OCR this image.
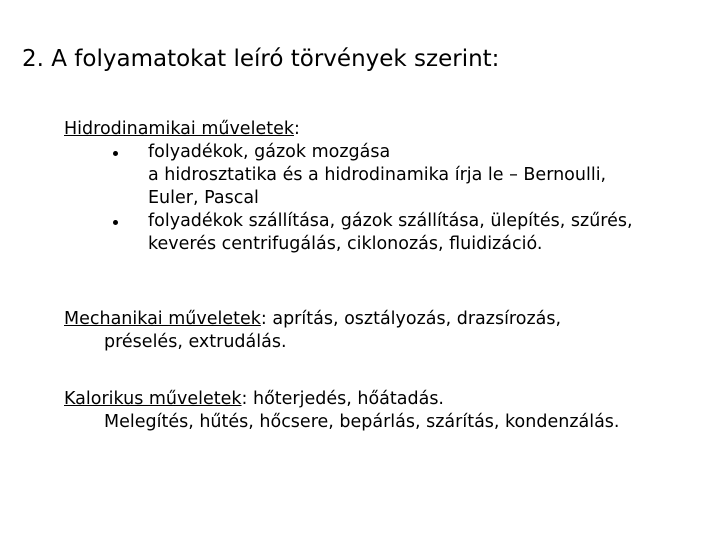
2. A folyamatokat leíró törvények szerint:
Hidrodinamikai műveletek:
folyadékok, gázok mozgása
a hidrosztatika és a hidrodinamika írja le – Bernoulli,
Euler, Pascal
folyadékok szállítása, gázok szállítása, ülepítés, szűrés,
keverés centrifugálás, ciklonozás, fluidizáció.
Mechanikai műveletek: aprítás, osztályozás, drazsírozás,
préselés, extrudálás.
Kalorikus műveletek: hőterjedés, hőátadás.
Melegítés, hűtés, hőcsere, bepárlás, szárítás, kondenzálás.
